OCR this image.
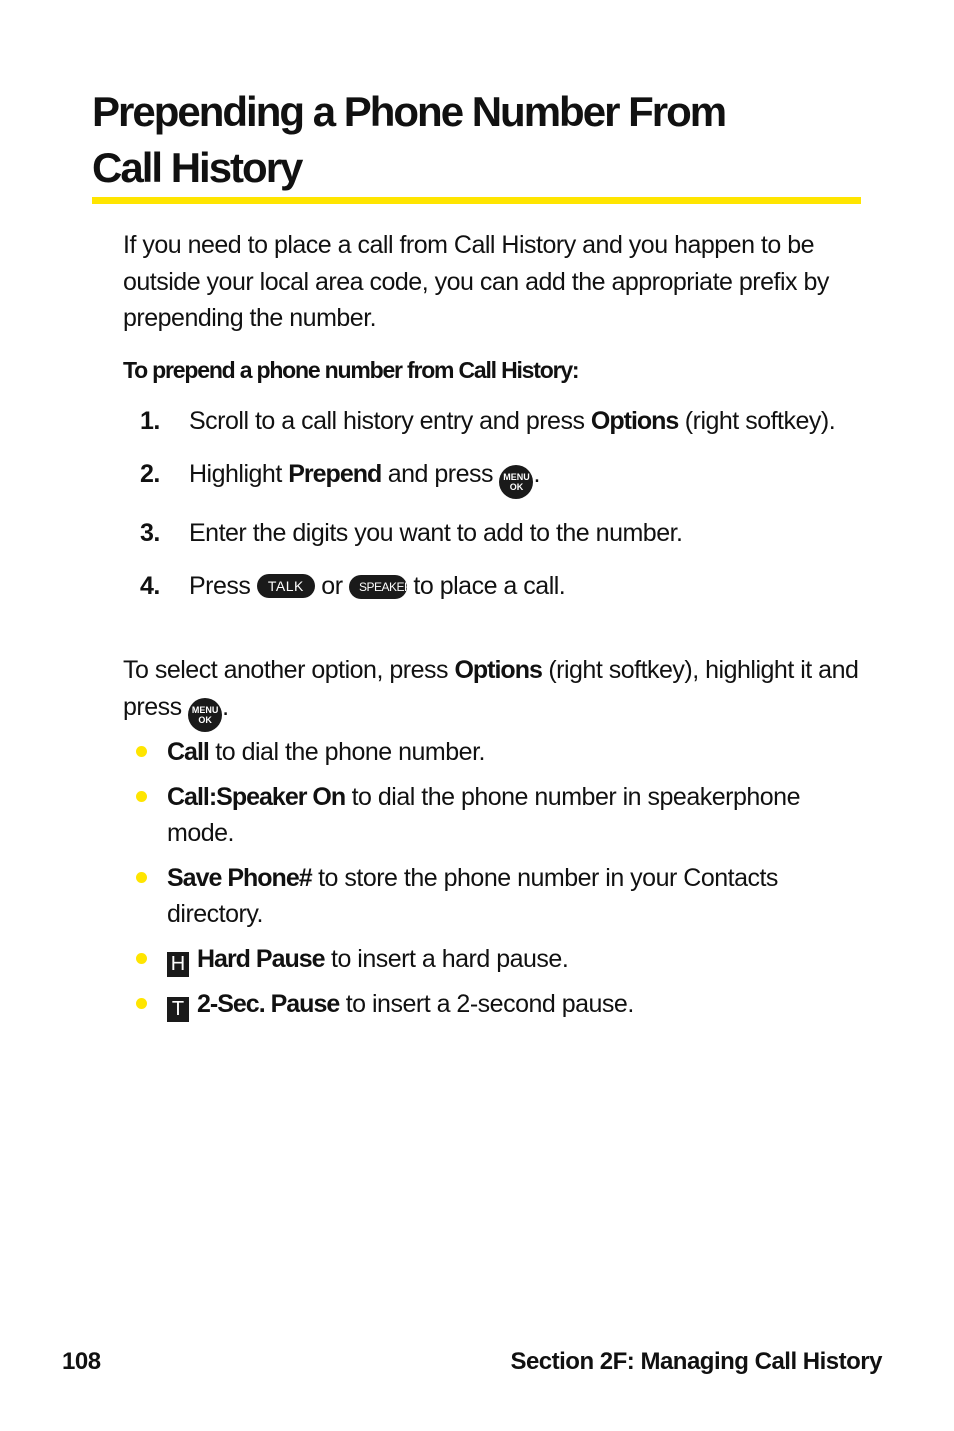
Prepending a Phone Number From
Call History
If you need to place a call from Call History and you happen to be outside your local area code, you can add the appropriate prefix by prepending the number.
To prepend a phone number from Call History:
1.	Scroll to a call history entry and press Options (right softkey).
2.	Highlight Prepend and press MENU
OK .
3.	Enter the digits you want to add to the number.
4.	Press TALK or SPEAKER to place a call.
To select another option, press Options (right softkey), highlight it and press MENU
OK .
Call to dial the phone number.
Call:Speaker On to dial the phone number in speakerphone mode.
Save Phone# to store the phone number in your Contacts directory.
H Hard Pause to insert a hard pause.
T 2-Sec. Pause to insert a 2-second pause.
108	Section 2F: Managing Call History
